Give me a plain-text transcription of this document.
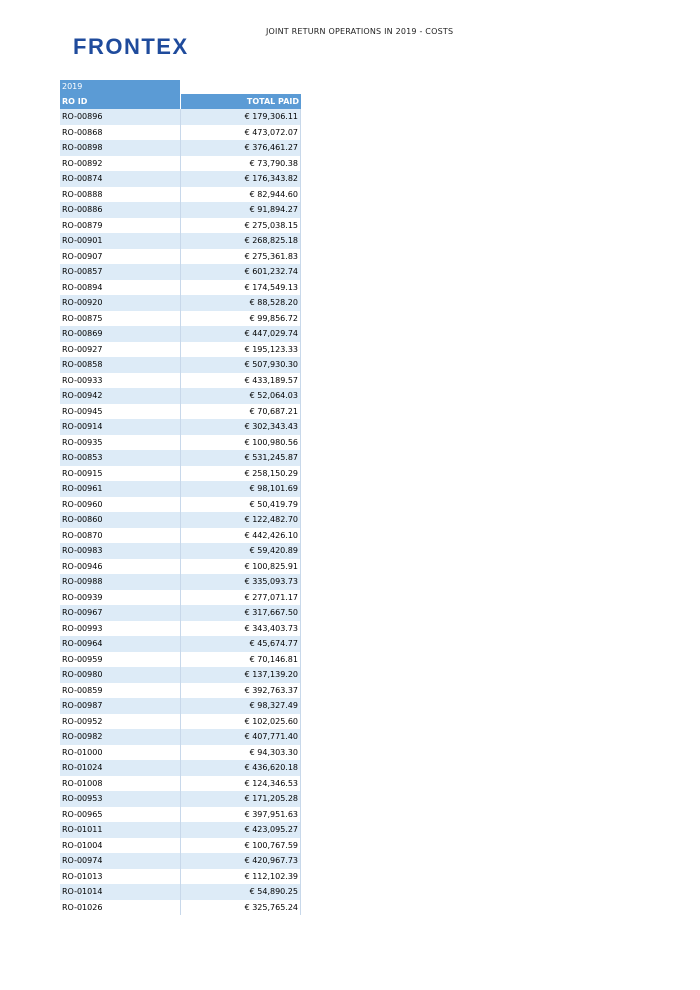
FRONTEX
JOINT RETURN OPERATIONS IN 2019 - COSTS
2019
RO ID	TOTAL PAID
RO-00896	€ 179,306.11
RO-00868	€ 473,072.07
RO-00898	€ 376,461.27
RO-00892	€ 73,790.38
RO-00874	€ 176,343.82
RO-00888	€ 82,944.60
RO-00886	€ 91,894.27
RO-00879	€ 275,038.15
RO-00901	€ 268,825.18
RO-00907	€ 275,361.83
RO-00857	€ 601,232.74
RO-00894	€ 174,549.13
RO-00920	€ 88,528.20
RO-00875	€ 99,856.72
RO-00869	€ 447,029.74
RO-00927	€ 195,123.33
RO-00858	€ 507,930.30
RO-00933	€ 433,189.57
RO-00942	€ 52,064.03
RO-00945	€ 70,687.21
RO-00914	€ 302,343.43
RO-00935	€ 100,980.56
RO-00853	€ 531,245.87
RO-00915	€ 258,150.29
RO-00961	€ 98,101.69
RO-00960	€ 50,419.79
RO-00860	€ 122,482.70
RO-00870	€ 442,426.10
RO-00983	€ 59,420.89
RO-00946	€ 100,825.91
RO-00988	€ 335,093.73
RO-00939	€ 277,071.17
RO-00967	€ 317,667.50
RO-00993	€ 343,403.73
RO-00964	€ 45,674.77
RO-00959	€ 70,146.81
RO-00980	€ 137,139.20
RO-00859	€ 392,763.37
RO-00987	€ 98,327.49
RO-00952	€ 102,025.60
RO-00982	€ 407,771.40
RO-01000	€ 94,303.30
RO-01024	€ 436,620.18
RO-01008	€ 124,346.53
RO-00953	€ 171,205.28
RO-00965	€ 397,951.63
RO-01011	€ 423,095.27
RO-01004	€ 100,767.59
RO-00974	€ 420,967.73
RO-01013	€ 112,102.39
RO-01014	€ 54,890.25
RO-01026	€ 325,765.24
